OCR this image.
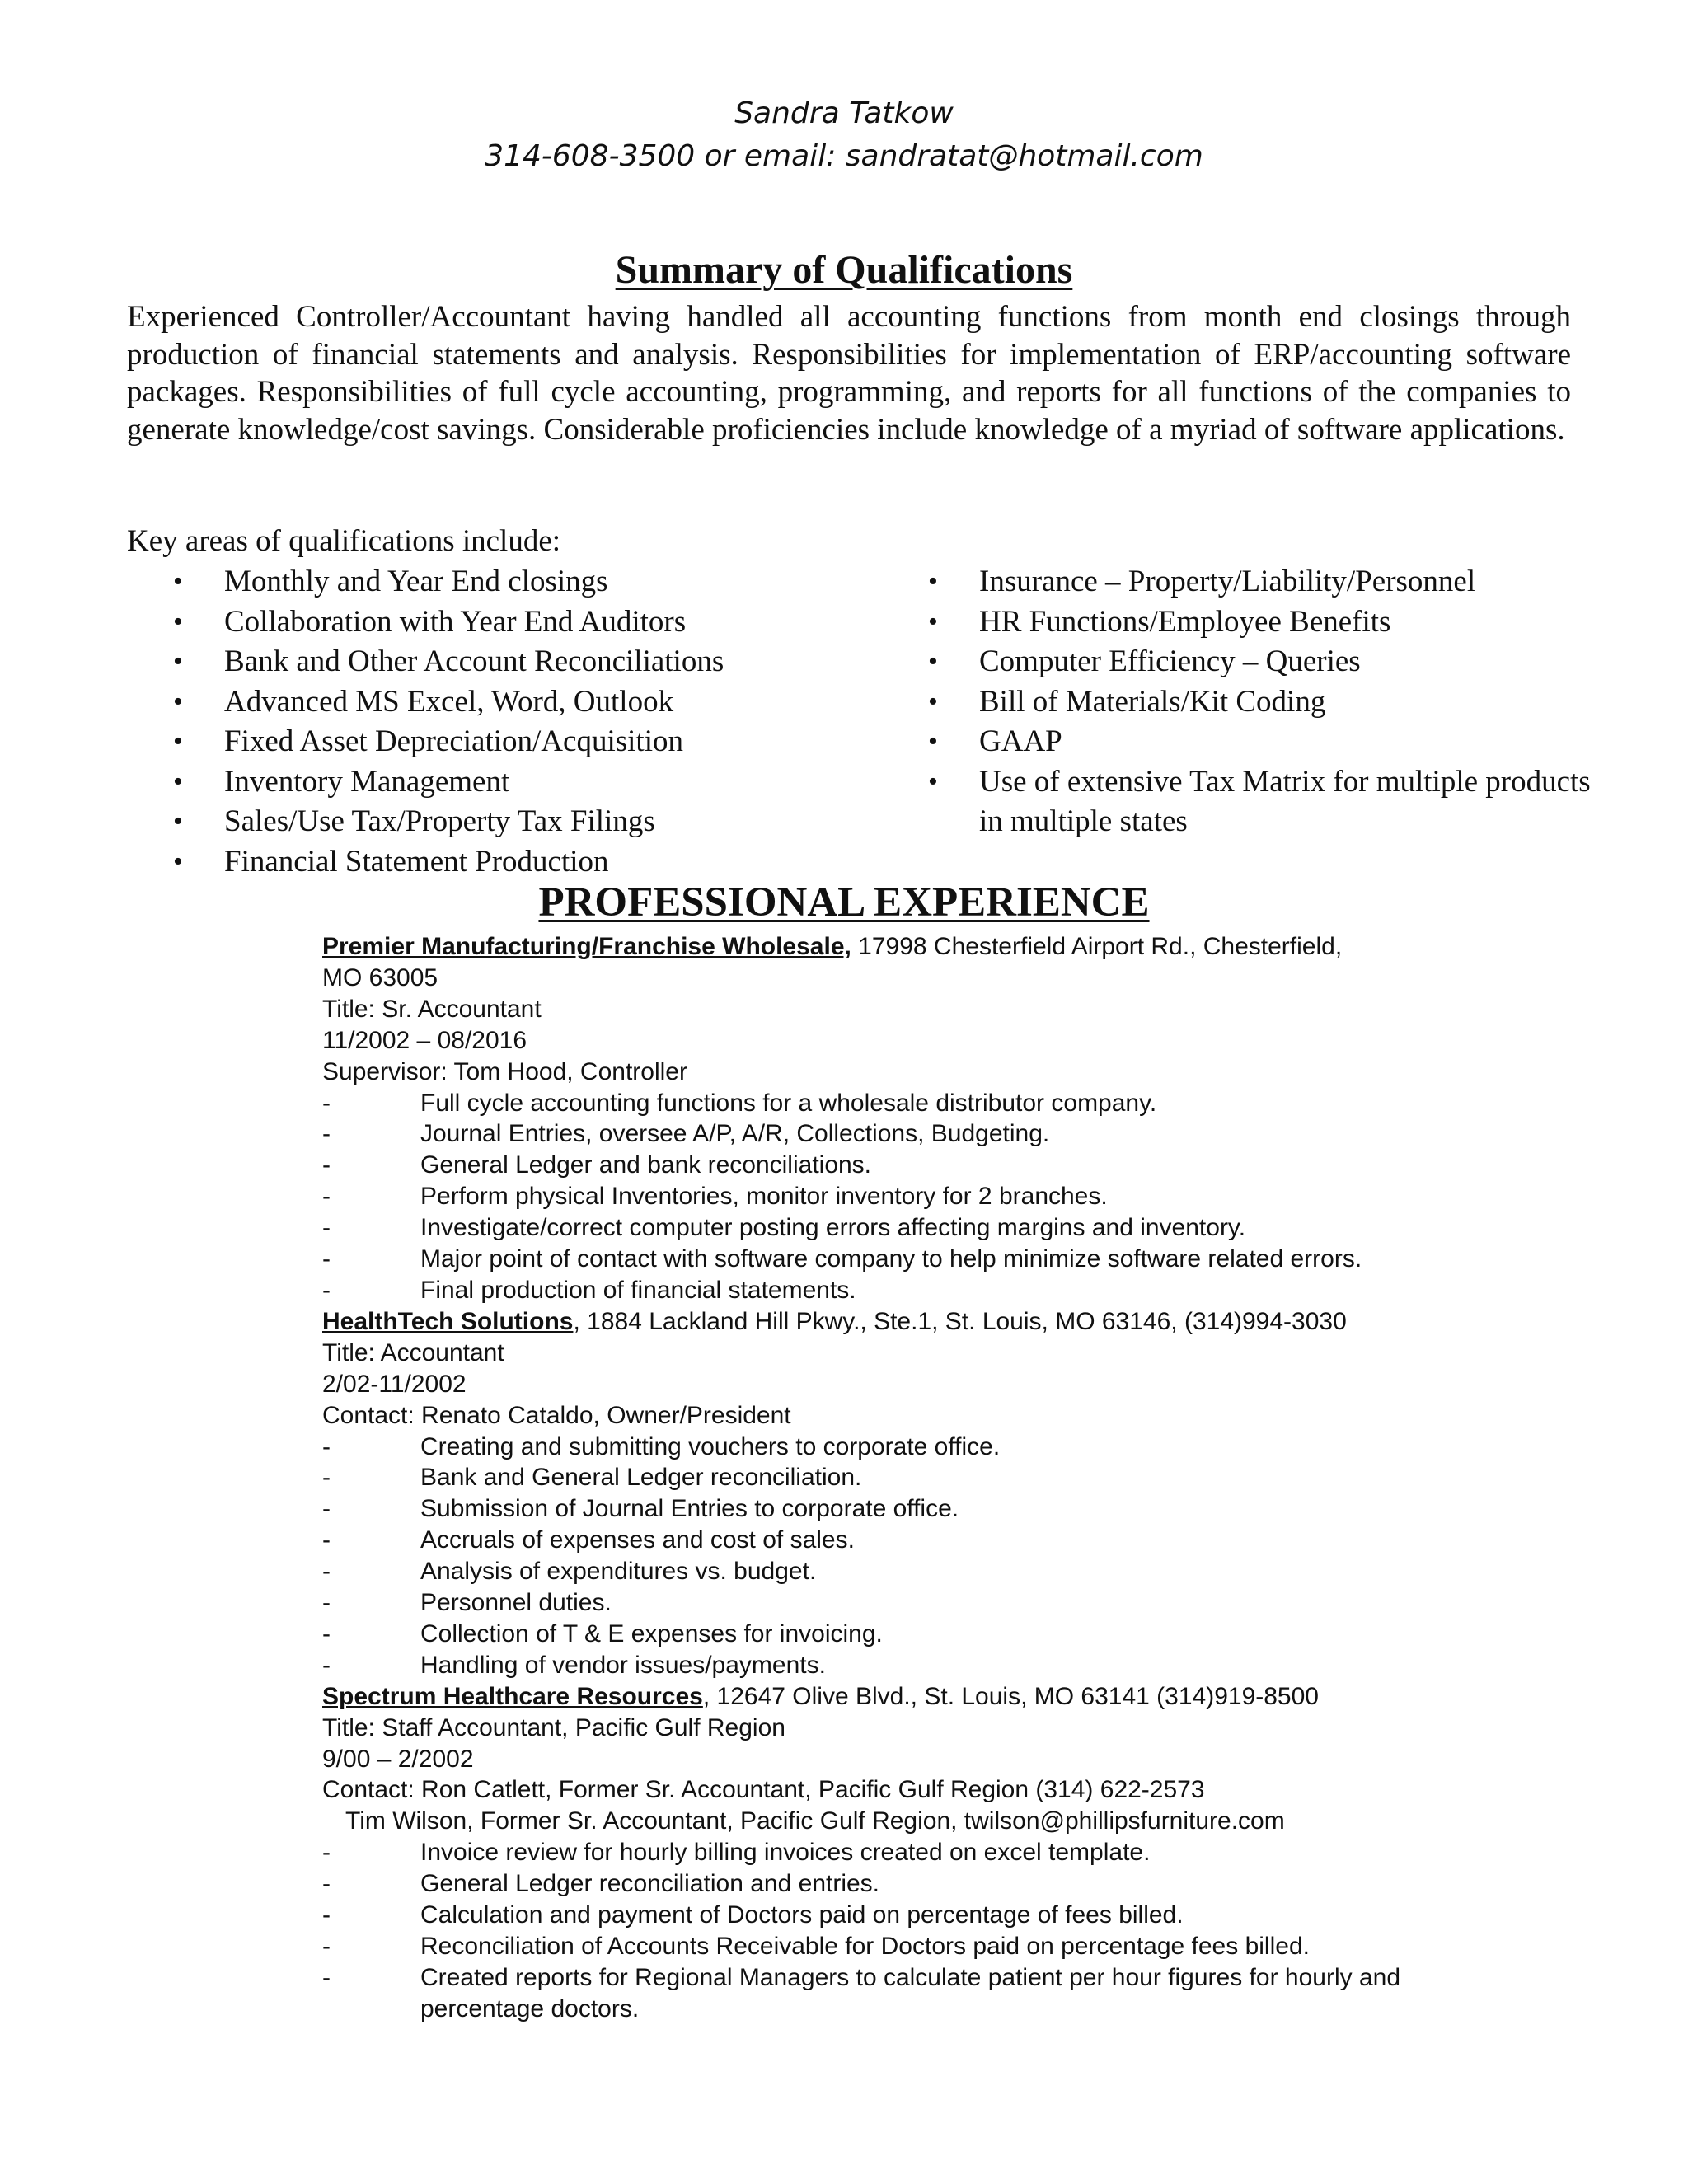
Sandra Tatkow
314-608-3500 or email: sandratat@hotmail.com
Summary of Qualifications

Experienced Controller/Accountant having handled all accounting functions from month end closings through production of financial statements and analysis. Responsibilities for implementation of ERP/accounting software packages. Responsibilities of full cycle accounting, programming, and reports for all functions of the companies to generate knowledge/cost savings. Considerable proficiencies include knowledge of a myriad of software applications.

Key areas of qualifications include:
• Monthly and Year End closings
• Collaboration with Year End Auditors
• Bank and Other Account Reconciliations
• Advanced MS Excel, Word, Outlook
• Fixed Asset Depreciation/Acquisition
• Inventory Management
• Sales/Use Tax/Property Tax Filings
• Financial Statement Production
• Insurance – Property/Liability/Personnel
• HR Functions/Employee Benefits
• Computer Efficiency – Queries
• Bill of Materials/Kit Coding
• GAAP
• Use of extensive Tax Matrix for multiple products in multiple states
PROFESSIONAL EXPERIENCE
Premier Manufacturing/Franchise Wholesale, 17998 Chesterfield Airport Rd., Chesterfield,
MO 63005
Title: Sr. Accountant
11/2002 – 08/2016
Supervisor: Tom Hood, Controller
-	Full cycle accounting functions for a wholesale distributor company.
-	Journal Entries, oversee A/P, A/R, Collections, Budgeting.
-	General Ledger and bank reconciliations.
-	Perform physical Inventories, monitor inventory for 2 branches.
-	Investigate/correct computer posting errors affecting margins and inventory.
-	Major point of contact with software company to help minimize software related errors.
-	Final production of financial statements.
HealthTech Solutions, 1884 Lackland Hill Pkwy., Ste.1, St. Louis, MO 63146, (314)994-3030
Title: Accountant
2/02-11/2002
Contact: Renato Cataldo, Owner/President
-	Creating and submitting vouchers to corporate office.
-	Bank and General Ledger reconciliation.
-	Submission of Journal Entries to corporate office.
-	Accruals of expenses and cost of sales.
-	Analysis of expenditures vs. budget.
-	Personnel duties.
-	Collection of T & E expenses for invoicing.
-	Handling of vendor issues/payments.
Spectrum Healthcare Resources, 12647 Olive Blvd., St. Louis, MO 63141 (314)919-8500
Title: Staff Accountant, Pacific Gulf Region
9/00 – 2/2002
Contact: Ron Catlett, Former Sr. Accountant, Pacific Gulf Region (314) 622-2573
Tim Wilson, Former Sr. Accountant, Pacific Gulf Region, twilson@phillipsfurniture.com
-	Invoice review for hourly billing invoices created on excel template.
-	General Ledger reconciliation and entries.
-	Calculation and payment of Doctors paid on percentage of fees billed.
-	Reconciliation of Accounts Receivable for Doctors paid on percentage fees billed.
-	Created reports for Regional Managers to calculate patient per hour figures for hourly and percentage doctors.
